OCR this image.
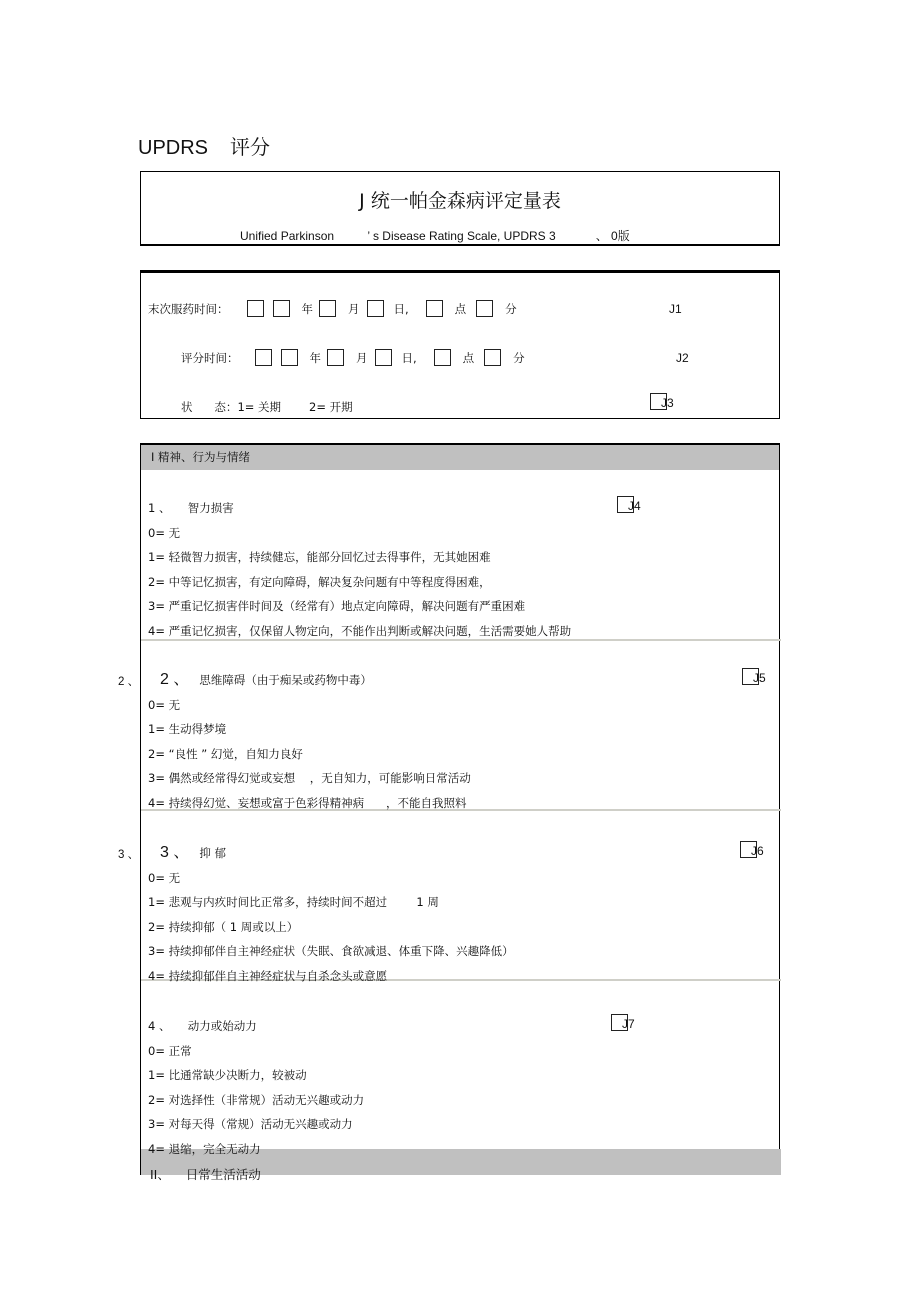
UPDRS 评分
J 统一帕金森病评定量表
Unified Parkinson          ’ s Disease Rating Scale, UPDRS 3            、 0版
末次服药时间：	年	月	日,	点	分	J1
评分时间：	年	月	日,	点	分	J2
状      态： 1= 关期 2= 开期	J3
Ⅰ 精神、行为与情绪
1 、  智力损害
0= 无
1= 轻微智力损害，持续健忘，能部分回忆过去得事件，无其她困难
2= 中等记忆损害，有定向障碍，解决复杂问题有中等程度得困难，
3= 严重记忆损害伴时间及（经常有）地点定向障碍，解决问题有严重困难
4= 严重记忆损害，仅保留人物定向，不能作出判断或解决问题，生活需要她人帮助
2 、 思维障碍（由于痴呆或药物中毒）
0= 无
1= 生动得梦境
2= “良性 ” 幻觉，自知力良好
3= 偶然或经常得幻觉或妄想    ，无自知力，可能影响日常活动
4= 持续得幻觉、妄想或富于色彩得精神病      ，不能自我照料
3 、 抑 郁
0= 无
1= 悲观与内疚时间比正常多，持续时间不超过        1 周
2= 持续抑郁（ 1 周或以上）
3= 持续抑郁伴自主神经症状（失眠、食欲减退、体重下降、兴趣降低）
4= 持续抑郁伴自主神经症状与自杀念头或意愿
4 、  动力或始动力
0= 正常
1= 比通常缺少决断力，较被动
2= 对选择性（非常规）活动无兴趣或动力
3= 对每天得（常规）活动无兴趣或动力
4= 退缩，完全无动力
II、    日常生活活动
J4
2 、	J5
3 、	J6
J7
